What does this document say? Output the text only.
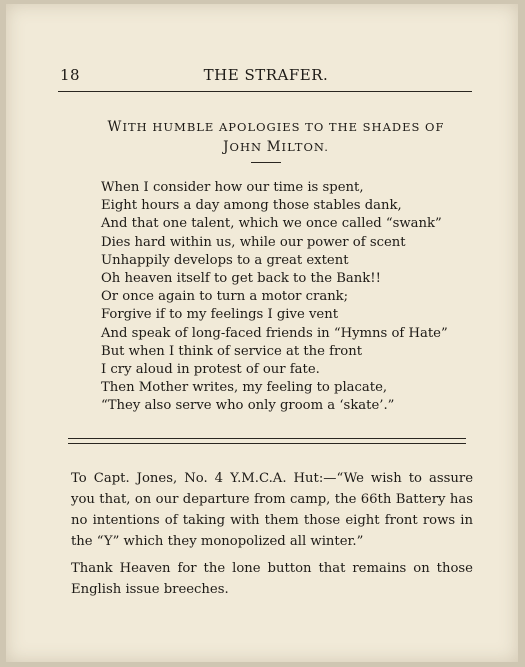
18	THE STRAFER.
WITH HUMBLE APOLOGIES TO THE SHADES OF
JOHN MILTON.
When I consider how our time is spent,
Eight hours a day among those stables dank,
And that one talent, which we once called “swank”
Dies hard within us, while our power of scent
Unhappily develops to a great extent
Oh heaven itself to get back to the Bank!!
Or once again to turn a motor crank;
Forgive if to my feelings I give vent
And speak of long-faced friends in “Hymns of Hate”
But when I think of service at the front
I cry aloud in protest of our fate.
Then Mother writes, my feeling to placate,
“They also serve who only groom a ‘skate’.”

To Capt. Jones, No. 4 Y.M.C.A. Hut:—“We wish to assure you that, on our departure from camp, the 66th Battery has no intentions of taking with them those eight front rows in the “Y” which they monopolized all winter.”

Thank Heaven for the lone button that remains on those English issue breeches.
